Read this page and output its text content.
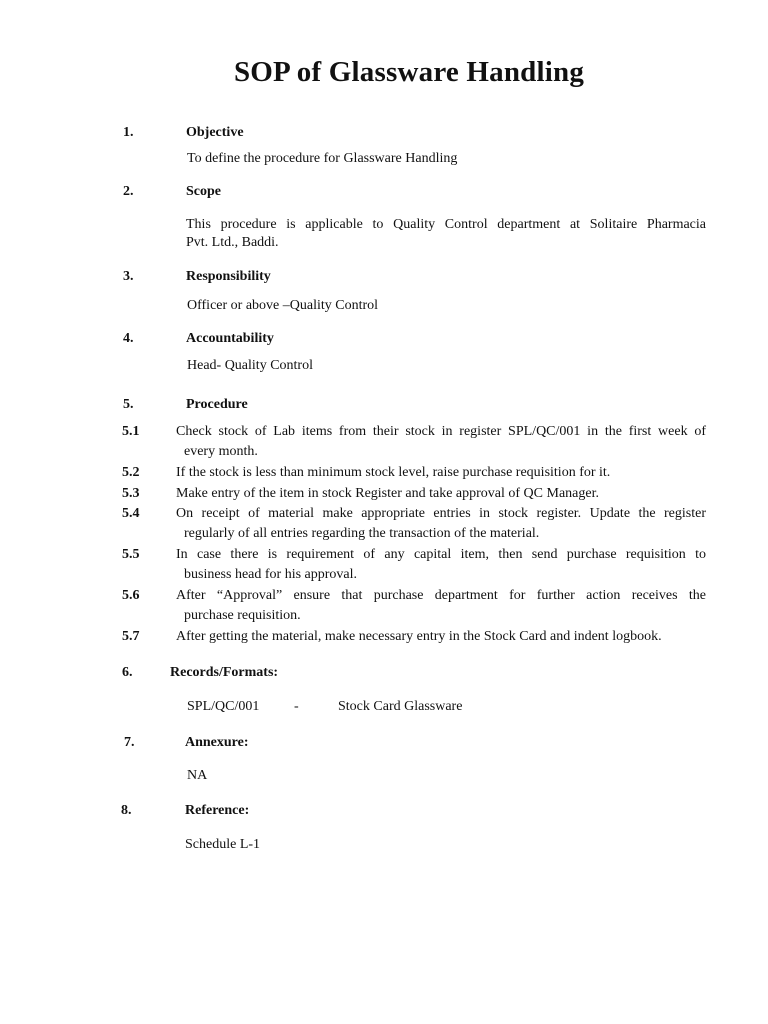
SOP of Glassware Handling
1.	Objective
To define the procedure for Glassware Handling
2.	Scope
This procedure is applicable to Quality Control department at Solitaire Pharmacia
Pvt. Ltd., Baddi.
3.	Responsibility
Officer or above –Quality Control
4.	Accountability
Head- Quality Control
5.	Procedure
5.1	Check stock of Lab items from their stock in register SPL/QC/001 in the first week of
every month.
5.2	If the stock is less than minimum stock level, raise purchase requisition for it.
5.3	Make entry of the item in stock Register and take approval of QC Manager.
5.4	On receipt of material make appropriate entries in stock register. Update the register
regularly of all entries regarding the transaction of the material.
5.5	In case there is requirement of any capital item, then send purchase requisition to
business head for his approval.
5.6	After “Approval” ensure that purchase department for further action receives the
purchase requisition.
5.7	After getting the material, make necessary entry in the Stock Card and indent logbook.
6.	Records/Formats:
SPL/QC/001 -	Stock Card Glassware
7.	Annexure:
NA
8.	Reference:
Schedule L-1
